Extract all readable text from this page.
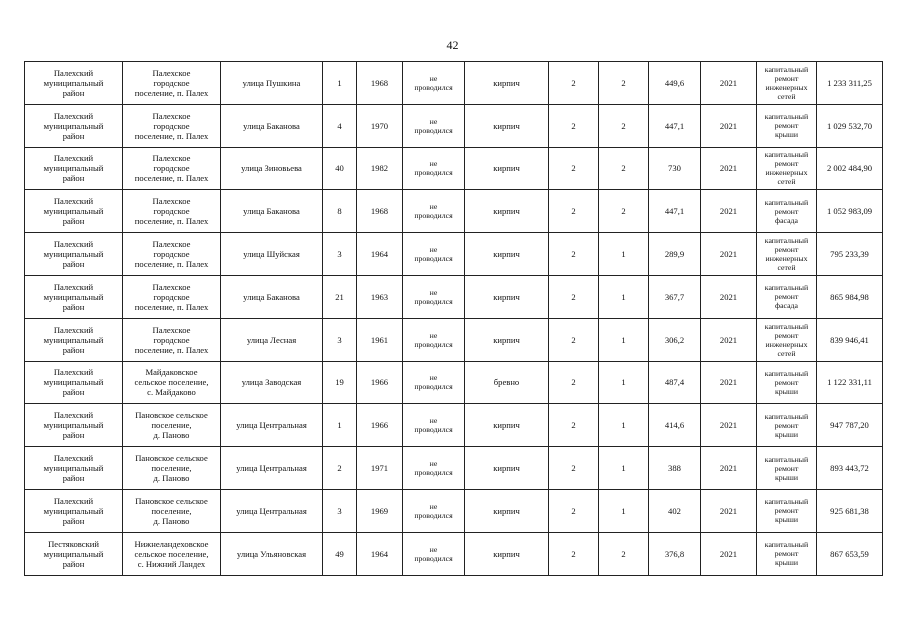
42
Палехский
муниципальный
район	Палехское
городское
поселение, п. Палех	улица Пушкина	1	1968	не
проводился	кирпич	2	2	449,6	2021	капитальный
ремонт
инженерных
сетей	1 233 311,25
Палехский
муниципальный
район	Палехское
городское
поселение, п. Палех	улица Баканова	4	1970	не
проводился	кирпич	2	2	447,1	2021	капитальный
ремонт
крыши	1 029 532,70
Палехский
муниципальный
район	Палехское
городское
поселение, п. Палех	улица Зиновьева	40	1982	не
проводился	кирпич	2	2	730	2021	капитальный
ремонт
инженерных
сетей	2 002 484,90
Палехский
муниципальный
район	Палехское
городское
поселение, п. Палех	улица Баканова	8	1968	не
проводился	кирпич	2	2	447,1	2021	капитальный
ремонт
фасада	1 052 983,09
Палехский
муниципальный
район	Палехское
городское
поселение, п. Палех	улица Шуйская	3	1964	не
проводился	кирпич	2	1	289,9	2021	капитальный
ремонт
инженерных
сетей	795 233,39
Палехский
муниципальный
район	Палехское
городское
поселение, п. Палех	улица Баканова	21	1963	не
проводился	кирпич	2	1	367,7	2021	капитальный
ремонт
фасада	865 984,98
Палехский
муниципальный
район	Палехское
городское
поселение, п. Палех	улица Лесная	3	1961	не
проводился	кирпич	2	1	306,2	2021	капитальный
ремонт
инженерных
сетей	839 946,41
Палехский
муниципальный
район	Майдаковское
сельское поселение,
с. Майдаково	улица Заводская	19	1966	не
проводился	бревно	2	1	487,4	2021	капитальный
ремонт
крыши	1 122 331,11
Палехский
муниципальный
район	Пановское сельское
поселение,
д. Паново	улица Центральная	1	1966	не
проводился	кирпич	2	1	414,6	2021	капитальный
ремонт
крыши	947 787,20
Палехский
муниципальный
район	Пановское сельское
поселение,
д. Паново	улица Центральная	2	1971	не
проводился	кирпич	2	1	388	2021	капитальный
ремонт
крыши	893 443,72
Палехский
муниципальный
район	Пановское сельское
поселение,
д. Паново	улица Центральная	3	1969	не
проводился	кирпич	2	1	402	2021	капитальный
ремонт
крыши	925 681,38
Пестяковский
муниципальный
район	Нижнеландеховское
сельское поселение,
с. Нижний Ландех	улица Ульяновская	49	1964	не
проводился	кирпич	2	2	376,8	2021	капитальный
ремонт
крыши	867 653,59
